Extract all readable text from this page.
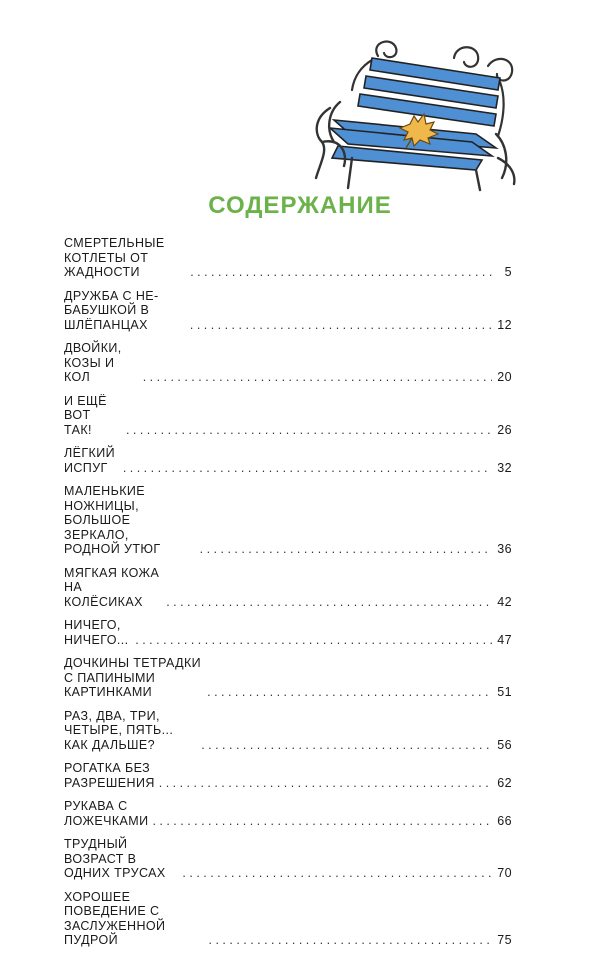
СОДЕРЖАНИЕ
СМЕРТЕЛЬНЫЕ КОТЛЕТЫ ОТ ЖАДНОСТИ . . .	5
ДРУЖБА С НЕ-БАБУШКОЙ В ШЛЁПАНЦАХ . . .	12
ДВОЙКИ, КОЗЫ И КОЛ . . .	20
И ЕЩЁ ВОТ ТАК! . . .	26
ЛЁГКИЙ ИСПУГ . . .	32
МАЛЕНЬКИЕ НОЖНИЦЫ, БОЛЬШОЕ ЗЕРКАЛО,
РОДНОЙ УТЮГ . . .	36
МЯГКАЯ КОЖА НА КОЛЁСИКАХ . . .	42
НИЧЕГО, НИЧЕГО... . . .	47
ДОЧКИНЫ ТЕТРАДКИ С ПАПИНЫМИ КАРТИНКАМИ . . .	51
РАЗ, ДВА, ТРИ, ЧЕТЫРЕ, ПЯТЬ... КАК ДАЛЬШЕ? . . .	56
РОГАТКА БЕЗ РАЗРЕШЕНИЯ . . .	62
РУКАВА С ЛОЖЕЧКАМИ . . .	66
ТРУДНЫЙ ВОЗРАСТ В ОДНИХ ТРУСАХ . . .	70
ХОРОШЕЕ ПОВЕДЕНИЕ С ЗАСЛУЖЕННОЙ ПУДРОЙ . . .	75
